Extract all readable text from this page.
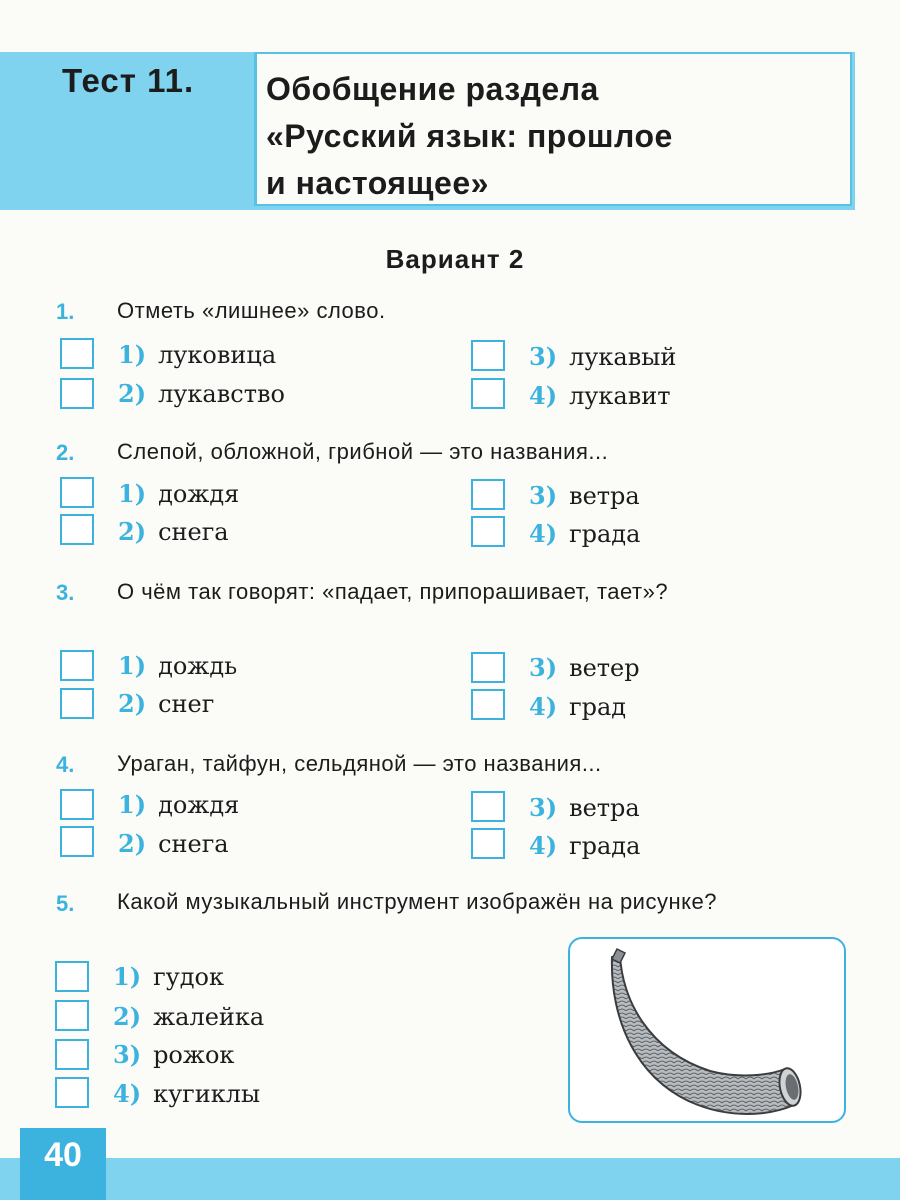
Тест 11. Обобщение раздела
«Русский язык: прошлое
и настоящее»
Вариант 2
1. Отметь «лишнее» слово.
1) луковица
2) лукавство
3) лукавый
4) лукавит
2. Слепой, обложной, грибной — это названия...
1) дождя
2) снега
3) ветра
4) града
3. О чём так говорят: «падает, припорашивает, тает»?
1) дождь
2) снег
3) ветер
4) град
4. Ураган, тайфун, сельдяной — это названия...
1) дождя
2) снега
3) ветра
4) града
5. Какой музыкальный инструмент изображён на рисунке?
1) гудок
2) жалейка
3) рожок
4) кугиклы
40
